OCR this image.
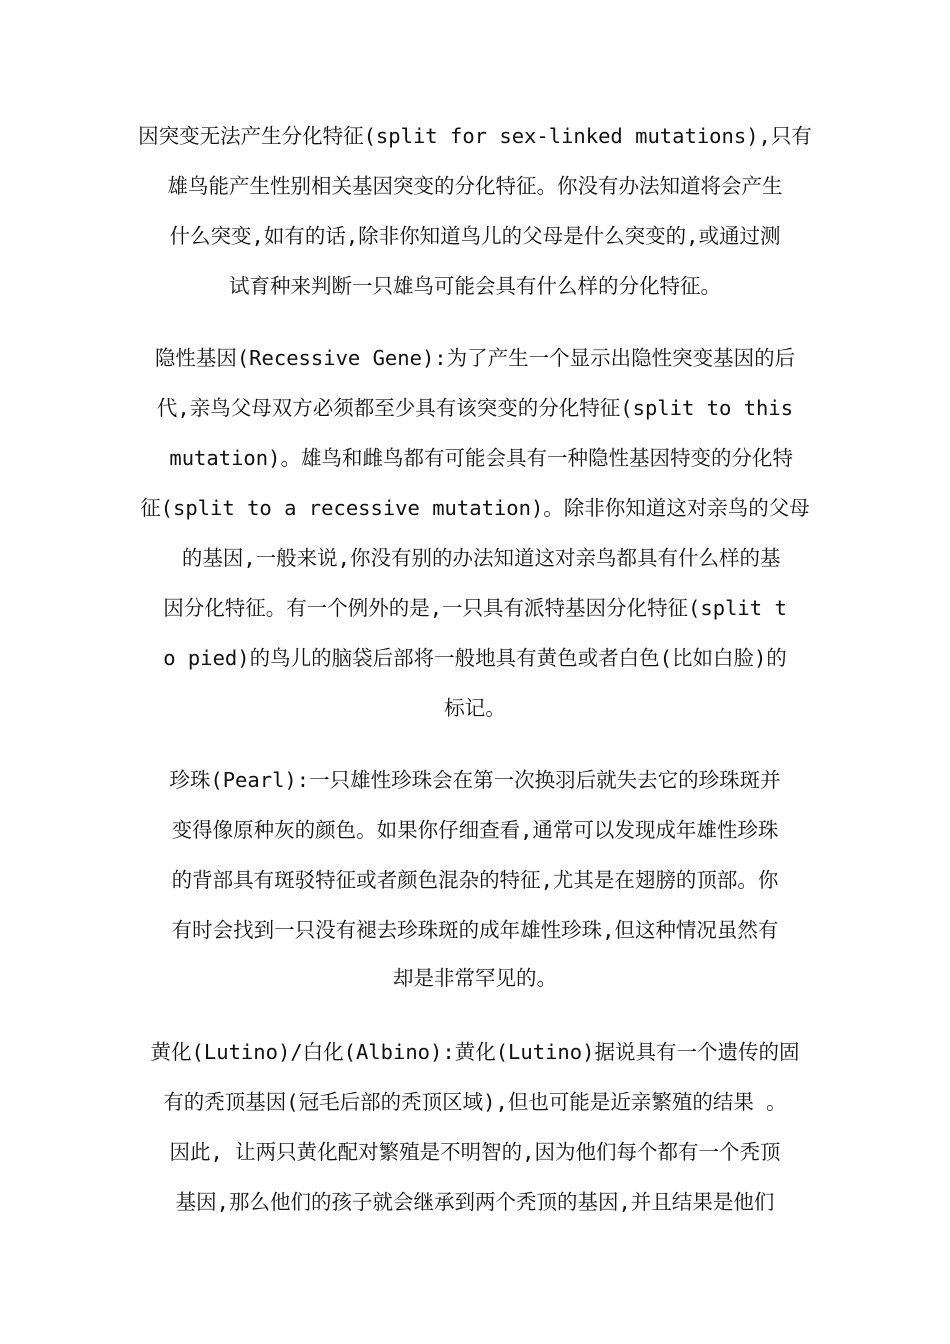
因突变无法产生分化特征(split for sex-linked mutations),只有
雄鸟能产生性别相关基因突变的分化特征。你没有办法知道将会产生
什么突变,如有的话,除非你知道鸟儿的父母是什么突变的,或通过测
试育种来判断一只雄鸟可能会具有什么样的分化特征。
隐性基因(Recessive Gene):为了产生一个显示出隐性突变基因的后
代,亲鸟父母双方必须都至少具有该突变的分化特征(split to this
mutation)。雄鸟和雌鸟都有可能会具有一种隐性基因特变的分化特
征(split to a recessive mutation)。除非你知道这对亲鸟的父母
的基因,一般来说,你没有别的办法知道这对亲鸟都具有什么样的基
因分化特征。有一个例外的是,一只具有派特基因分化特征(split t
o pied)的鸟儿的脑袋后部将一般地具有黄色或者白色(比如白脸)的
标记。
珍珠(Pearl):一只雄性珍珠会在第一次换羽后就失去它的珍珠斑并
变得像原种灰的颜色。如果你仔细查看,通常可以发现成年雄性珍珠
的背部具有斑驳特征或者颜色混杂的特征,尤其是在翅膀的顶部。你
有时会找到一只没有褪去珍珠斑的成年雄性珍珠,但这种情况虽然有
却是非常罕见的。
黄化(Lutino)/白化(Albino):黄化(Lutino)据说具有一个遗传的固
有的秃顶基因(冠毛后部的秃顶区域),但也可能是近亲繁殖的结果 。
因此, 让两只黄化配对繁殖是不明智的,因为他们每个都有一个秃顶
基因,那么他们的孩子就会继承到两个秃顶的基因,并且结果是他们
